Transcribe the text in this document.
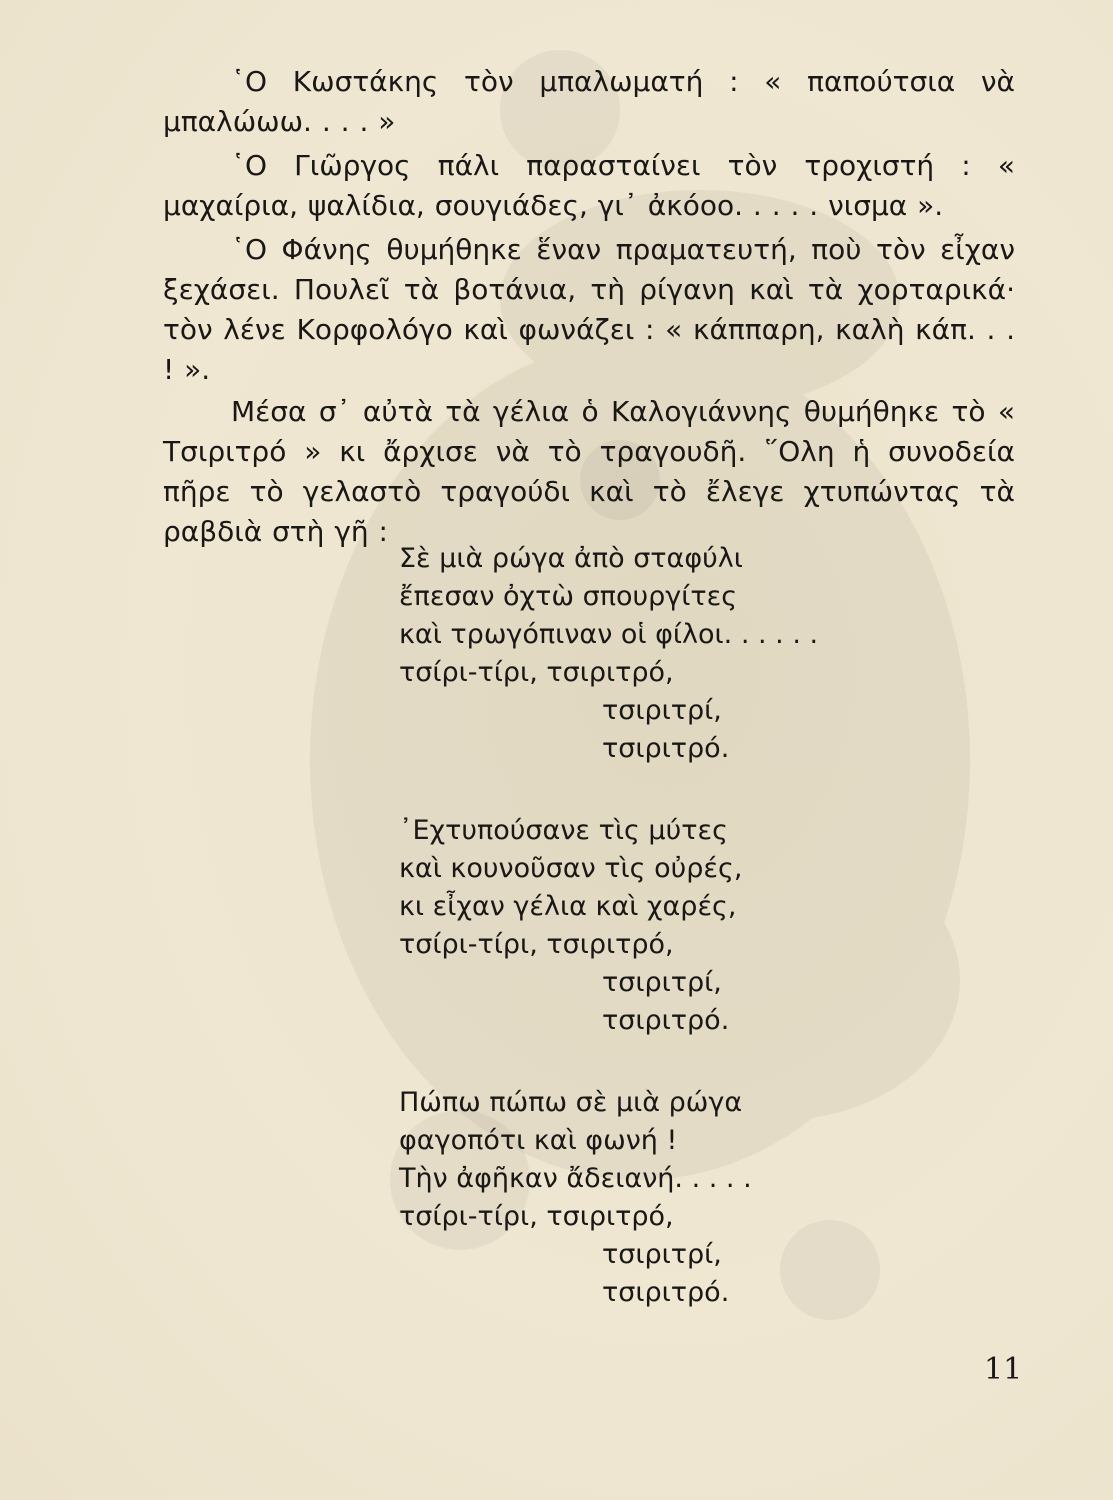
῾Ο Κωστάκης τὸν μπαλωματή : « παπούτσια νὰ μπαλώωω. . . . »

῾Ο Γιῶργος πάλι παρασταίνει τὸν τροχιστή : « μαχαίρια, ψαλίδια, σουγιάδες, γι᾽ ἀκόοο. . . . . νισμα ».

῾Ο Φάνης θυμήθηκε ἕναν πραματευτή, ποὺ τὸν εἶχαν ξεχάσει. Πουλεῖ τὰ βοτάνια, τὴ ρίγανη καὶ τὰ χορταρικά· τὸν λένε Κορφολόγο καὶ φωνάζει : « κάππαρη, καλὴ κάπ. . . ! ».

Μέσα σ᾽ αὐτὰ τὰ γέλια ὁ Καλογιάννης θυμήθηκε τὸ « Τσιριτρό » κι ἄρχισε νὰ τὸ τραγουδῆ. ῞Ολη ἡ συνοδεία πῆρε τὸ γελαστὸ τραγούδι καὶ τὸ ἔλεγε χτυπώντας τὰ ραβδιὰ στὴ γῆ :

Σὲ μιὰ ρώγα ἀπὸ σταφύλι
ἔπεσαν ὀχτὼ σπουργίτες
καὶ τρωγόπιναν οἱ φίλοι. . . . . .
τσίρι-τίρι, τσιριτρό,
τσιριτρί,
τσιριτρό.
᾽Εχτυπούσανε τὶς μύτες
καὶ κουνοῦσαν τὶς οὐρές,
κι εἶχαν γέλια καὶ χαρές,
τσίρι-τίρι, τσιριτρό,
τσιριτρί,
τσιριτρό.
Πώπω πώπω σὲ μιὰ ρώγα
φαγοπότι καὶ φωνή !
Τὴν ἀφῆκαν ἄδειανή. . . . .
τσίρι-τίρι, τσιριτρό,
τσιριτρί,
τσιριτρό.
11
